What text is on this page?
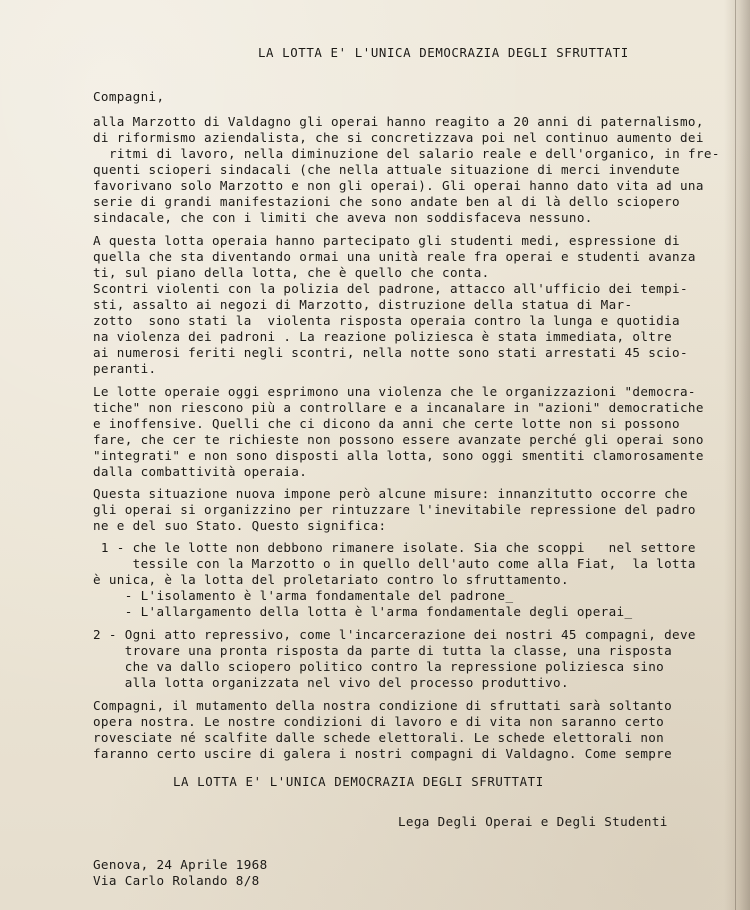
LA LOTTA E' L'UNICA DEMOCRAZIA DEGLI SFRUTTATI
Compagni,
alla Marzotto di Valdagno gli operai hanno reagito a 20 anni di paternalismo,
di riformismo aziendalista, che si concretizzava poi nel continuo aumento dei
ritmi di lavoro, nella diminuzione del salario reale e dell'organico, in fre-
quenti scioperi sindacali (che nella attuale situazione di merci invendute
favorivano solo Marzotto e non gli operai). Gli operai hanno dato vita ad una
serie di grandi manifestazioni che sono andate ben al di là dello sciopero
sindacale, che con i limiti che aveva non soddisfaceva nessuno.
A questa lotta operaia hanno partecipato gli studenti medi, espressione di
quella che sta diventando ormai una unità reale fra operai e studenti avanza
ti, sul piano della lotta, che è quello che conta.
Scontri violenti con la polizia del padrone, attacco all'ufficio dei tempi-
sti, assalto ai negozi di Marzotto, distruzione della statua di Mar-
zotto  sono stati la  violenta risposta operaia contro la lunga e quotidia
na violenza dei padroni . La reazione poliziesca è stata immediata, oltre
ai numerosi feriti negli scontri, nella notte sono stati arrestati 45 scio-
peranti.
Le lotte operaie oggi esprimono una violenza che le organizzazioni "democra-
tiche" non riescono più a controllare e a incanalare in "azioni" democratiche
e inoffensive. Quelli che ci dicono da anni che certe lotte non si possono
fare, che cer te richieste non possono essere avanzate perché gli operai sono
"integrati" e non sono disposti alla lotta, sono oggi smentiti clamorosamente
dalla combattività operaia.
Questa situazione nuova impone però alcune misure: innanzitutto occorre che
gli operai si organizzino per rintuzzare l'inevitabile repressione del padro
ne e del suo Stato. Questo significa:
1 - che le lotte non debbono rimanere isolate. Sia che scoppi   nel settore
tessile con la Marzotto o in quello dell'auto come alla Fiat,  la lotta
è unica, è la lotta del proletariato contro lo sfruttamento.
- L'isolamento è l'arma fondamentale del padrone_
- L'allargamento della lotta è l'arma fondamentale degli operai_
2 - Ogni atto repressivo, come l'incarcerazione dei nostri 45 compagni, deve
trovare una pronta risposta da parte di tutta la classe, una risposta
che va dallo sciopero politico contro la repressione poliziesca sino
alla lotta organizzata nel vivo del processo produttivo.
Compagni, il mutamento della nostra condizione di sfruttati sarà soltanto
opera nostra. Le nostre condizioni di lavoro e di vita non saranno certo
rovesciate né scalfite dalle schede elettorali. Le schede elettorali non
faranno certo uscire di galera i nostri compagni di Valdagno. Come sempre
LA LOTTA E' L'UNICA DEMOCRAZIA DEGLI SFRUTTATI
Lega Degli Operai e Degli Studenti
Genova, 24 Aprile 1968
Via Carlo Rolando 8/8
